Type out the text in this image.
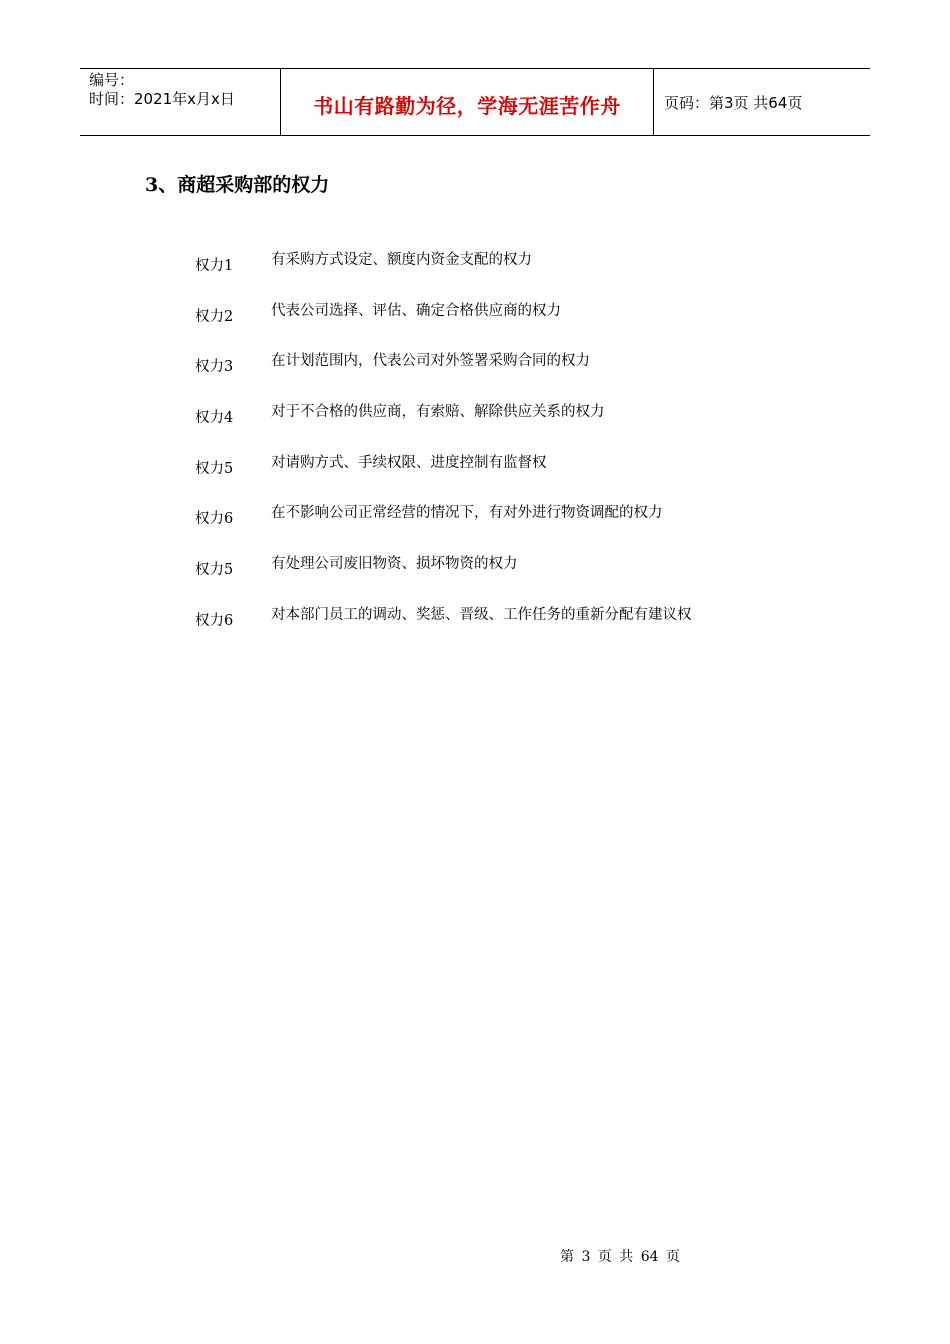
编号：
时间：2021年x月x日	书山有路勤为径，学海无涯苦作舟	页码：第3页 共64页
3、商超采购部的权力
权力1	有采购方式设定、额度内资金支配的权力
权力2	代表公司选择、评估、确定合格供应商的权力
权力3	在计划范围内，代表公司对外签署采购合同的权力
权力4	对于不合格的供应商，有索赔、解除供应关系的权力
权力5	对请购方式、手续权限、进度控制有监督权
权力6	在不影响公司正常经营的情况下，有对外进行物资调配的权力
权力5	有处理公司废旧物资、损坏物资的权力
权力6	对本部门员工的调动、奖惩、晋级、工作任务的重新分配有建议权
第 3 页 共 64 页
